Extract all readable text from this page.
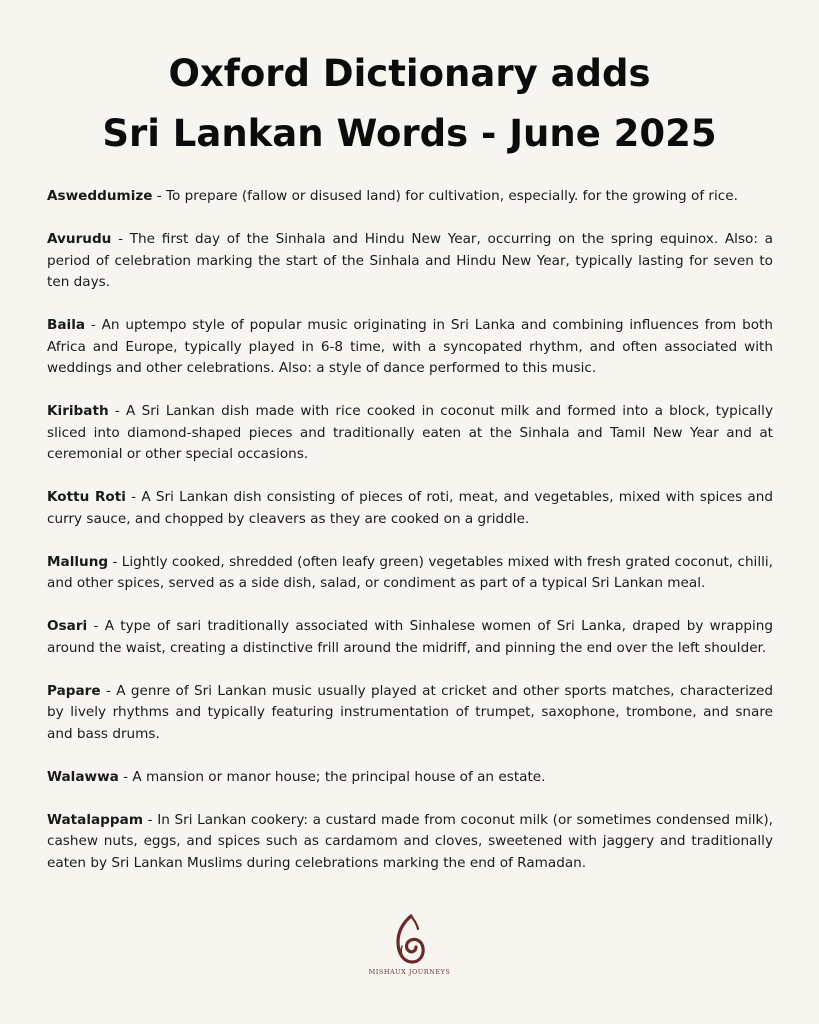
Oxford Dictionary adds
Sri Lankan Words - June 2025

Asweddumize - To prepare (fallow or disused land) for cultivation, especially. for the growing of rice.

Avurudu - The first day of the Sinhala and Hindu New Year, occurring on the spring equinox. Also: a period of celebration marking the start of the Sinhala and Hindu New Year, typically lasting for seven to ten days.

Baila - An uptempo style of popular music originating in Sri Lanka and combining influences from both Africa and Europe, typically played in 6-8 time, with a syncopated rhythm, and often associated with weddings and other celebrations. Also: a style of dance performed to this music.

Kiribath - A Sri Lankan dish made with rice cooked in coconut milk and formed into a block, typically sliced into diamond-shaped pieces and traditionally eaten at the Sinhala and Tamil New Year and at ceremonial or other special occasions.

Kottu Roti - A Sri Lankan dish consisting of pieces of roti, meat, and vegetables, mixed with spices and curry sauce, and chopped by cleavers as they are cooked on a griddle.

Mallung - Lightly cooked, shredded (often leafy green) vegetables mixed with fresh grated coconut, chilli, and other spices, served as a side dish, salad, or condiment as part of a typical Sri Lankan meal.

Osari - A type of sari traditionally associated with Sinhalese women of Sri Lanka, draped by wrapping around the waist, creating a distinctive frill around the midriff, and pinning the end over the left shoulder.

Papare - A genre of Sri Lankan music usually played at cricket and other sports matches, characterized by lively rhythms and typically featuring instrumentation of trumpet, saxophone, trombone, and snare and bass drums.

Walawwa - A mansion or manor house; the principal house of an estate.

Watalappam - In Sri Lankan cookery: a custard made from coconut milk (or sometimes condensed milk), cashew nuts, eggs, and spices such as cardamom and cloves, sweetened with jaggery and traditionally eaten by Sri Lankan Muslims during celebrations marking the end of Ramadan.

MISHAUX JOURNEYS
